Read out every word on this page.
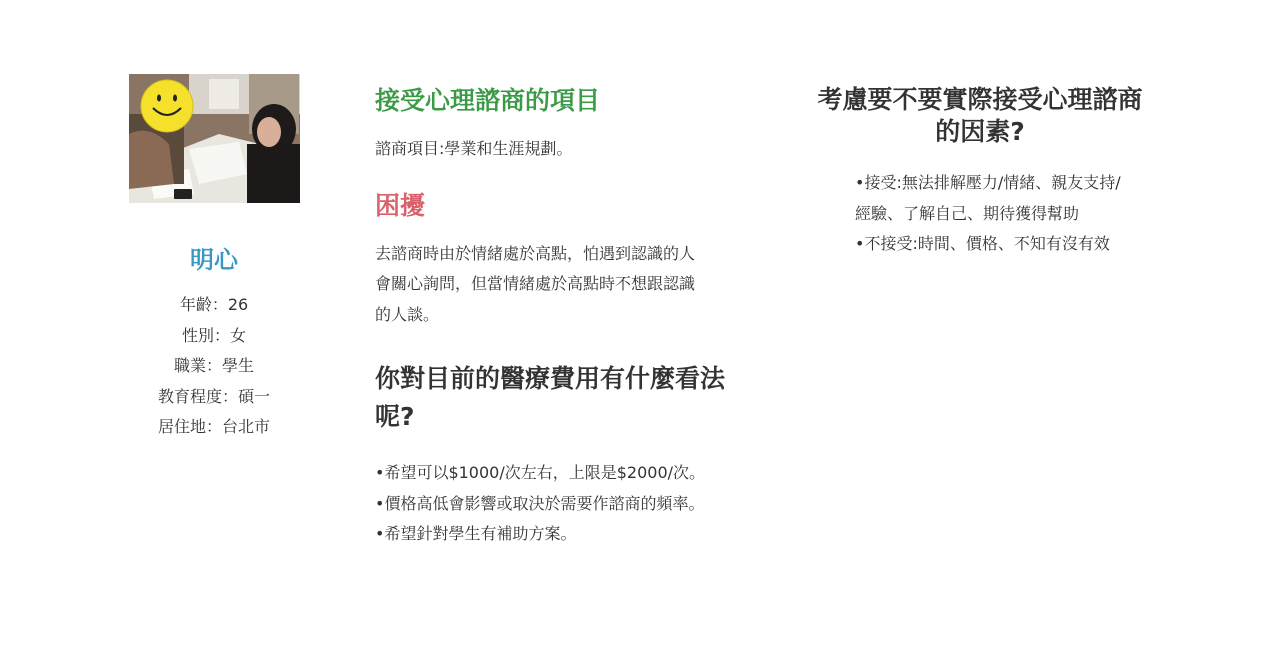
明心
年齡：26
性別：女
職業：學生
教育程度：碩一
居住地：台北市
接受心理諮商的項目
諮商項目:學業和生涯規劃。
困擾
去諮商時由於情緒處於高點，怕遇到認識的人
會關心詢問，但當情緒處於高點時不想跟認識
的人談。
你對目前的醫療費用有什麼看法呢?
•希望可以$1000/次左右，上限是$2000/次。
•價格高低會影響或取決於需要作諮商的頻率。
•希望針對學生有補助方案。
考慮要不要實際接受心理諮商
的因素?
•接受:無法排解壓力/情緒、親友支持/
經驗、了解自己、期待獲得幫助
•不接受:時間、價格、不知有沒有效
